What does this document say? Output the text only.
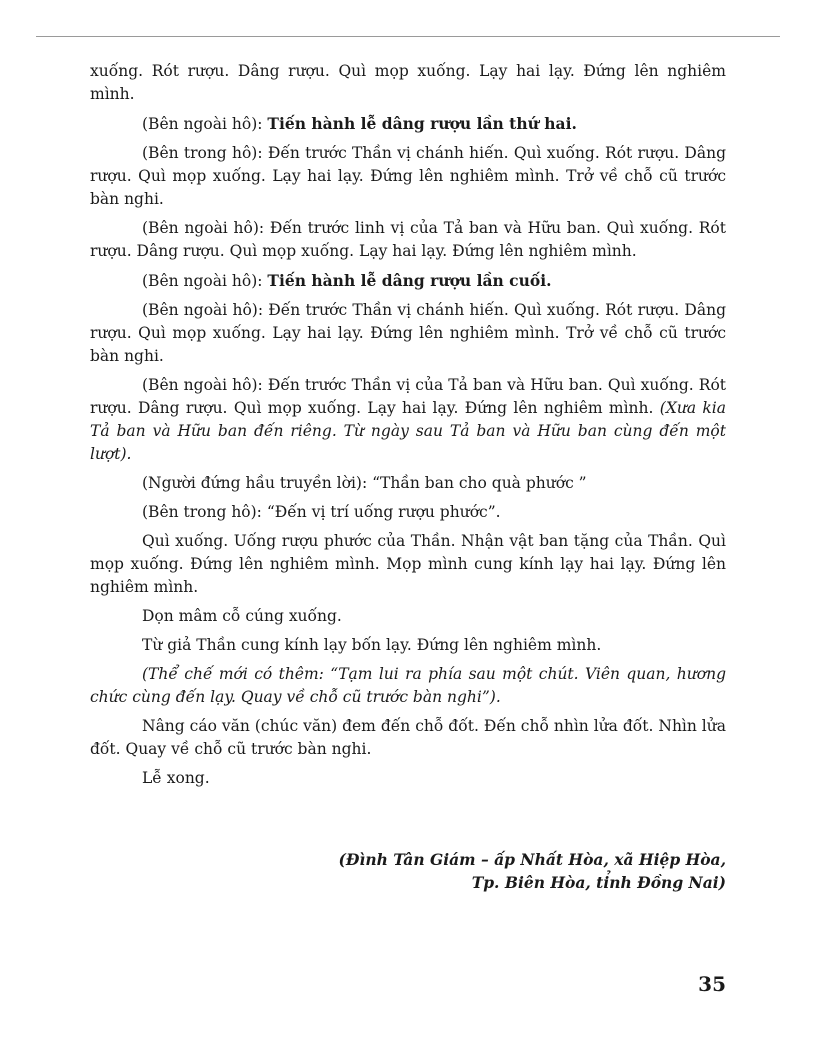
xuống. Rót rượu. Dâng rượu. Quì mọp xuống. Lạy hai lạy. Đứng lên nghiêm mình.

(Bên ngoài hô): Tiến hành lễ dâng rượu lần thứ hai.

(Bên trong hô): Đến trước Thần vị chánh hiến. Quì xuống. Rót rượu. Dâng rượu. Quì mọp xuống. Lạy hai lạy. Đứng lên nghiêm mình. Trở về chỗ cũ trước bàn nghi.

(Bên ngoài hô): Đến trước linh vị của Tả ban và Hữu ban. Quì xuống. Rót rượu. Dâng rượu. Quì mọp xuống. Lạy hai lạy. Đứng lên nghiêm mình.

(Bên ngoài hô): Tiến hành lễ dâng rượu lần cuối.

(Bên ngoài hô): Đến trước Thần vị chánh hiến. Quì xuống. Rót rượu. Dâng rượu. Quì mọp xuống. Lạy hai lạy. Đứng lên nghiêm mình. Trở về chỗ cũ trước bàn nghi.

(Bên ngoài hô): Đến trước Thần vị của Tả ban và Hữu ban. Quì xuống. Rót rượu. Dâng rượu. Quì mọp xuống. Lạy hai lạy. Đứng lên nghiêm mình. (Xưa kia Tả ban và Hữu ban đến riêng. Từ ngày sau Tả ban và Hữu ban cùng đến một lượt).

(Người đứng hầu truyền lời): “Thần ban cho quà phước ”

(Bên trong hô): “Đến vị trí uống rượu phước”.

Quì xuống. Uống rượu phước của Thần. Nhận vật ban tặng của Thần. Quì mọp xuống. Đứng lên nghiêm mình. Mọp mình cung kính lạy hai lạy. Đứng lên nghiêm mình.

Dọn mâm cỗ cúng xuống.

Từ giả Thần cung kính lạy bốn lạy. Đứng lên nghiêm mình.

(Thể chế mới có thêm: “Tạm lui ra phía sau một chút. Viên quan, hương chức cùng đến lạy. Quay về chỗ cũ trước bàn nghi”).

Nâng cáo văn (chúc văn) đem đến chỗ đốt. Đến chỗ nhìn lửa đốt. Nhìn lửa đốt. Quay về chỗ cũ trước bàn nghi.

Lễ xong.

(Đình Tân Giám – ấp Nhất Hòa, xã Hiệp Hòa,
Tp. Biên Hòa, tỉnh Đồng Nai)
35
